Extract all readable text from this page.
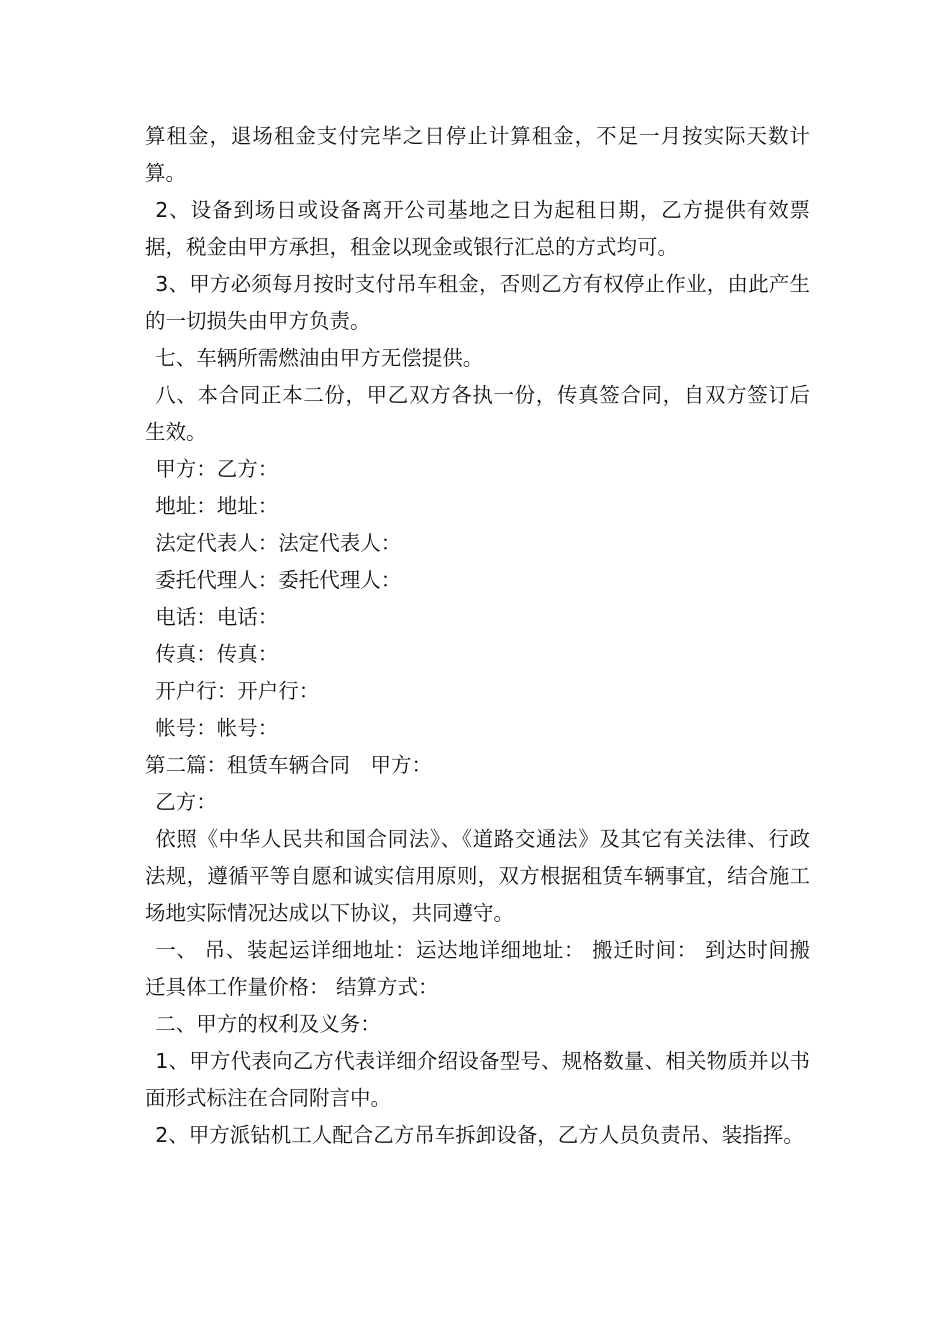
算租金，退场租金支付完毕之日停止计算租金，不足一月按实际天数计算。

2、设备到场日或设备离开公司基地之日为起租日期，乙方提供有效票据，税金由甲方承担，租金以现金或银行汇总的方式均可。

3、甲方必须每月按时支付吊车租金，否则乙方有权停止作业，由此产生的一切损失由甲方负责。

七、车辆所需燃油由甲方无偿提供。

八、本合同正本二份，甲乙双方各执一份，传真签合同，自双方签订后生效。

甲方：乙方：

地址：地址：

法定代表人：法定代表人：

委托代理人：委托代理人：

电话：电话：

传真：传真：

开户行：开户行：

帐号：帐号：

第二篇：租赁车辆合同　甲方：

乙方：

依照《中华人民共和国合同法》、《道路交通法》及其它有关法律、行政法规，遵循平等自愿和诚实信用原则，双方根据租赁车辆事宜，结合施工场地实际情况达成以下协议，共同遵守。

一、 吊、装起运详细地址：运达地详细地址： 搬迁时间： 到达时间搬迁具体工作量价格： 结算方式：

二、甲方的权利及义务：

1、甲方代表向乙方代表详细介绍设备型号、规格数量、相关物质并以书面形式标注在合同附言中。

2、甲方派钻机工人配合乙方吊车拆卸设备，乙方人员负责吊、装指挥。
